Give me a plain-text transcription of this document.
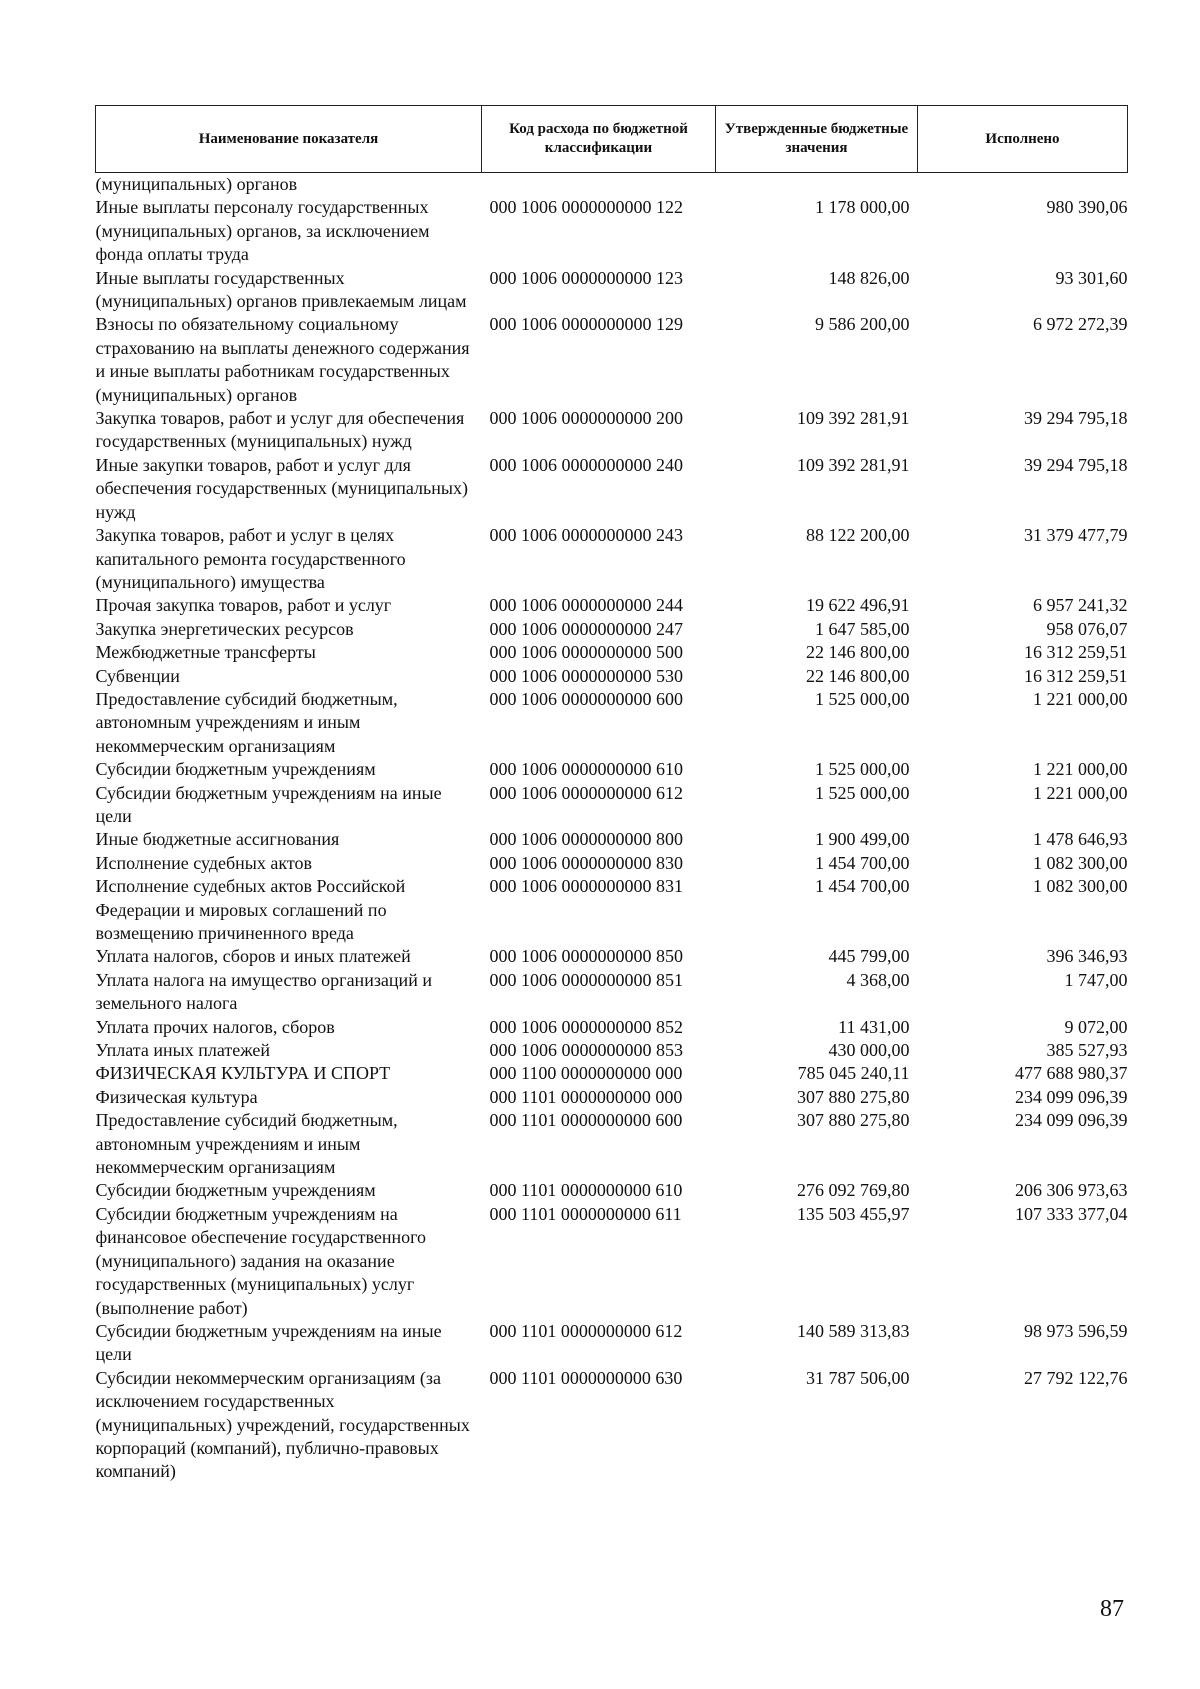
Наименование показателя	Код расхода по бюджетной классификации	Утвержденные бюджетные значения	Исполнено
(муниципальных) органов			
Иные выплаты персоналу государственных (муниципальных) органов, за исключением фонда оплаты труда	000 1006 0000000000 122	1 178 000,00	980 390,06
Иные выплаты государственных (муниципальных) органов привлекаемым лицам	000 1006 0000000000 123	148 826,00	93 301,60
Взносы по обязательному социальному страхованию на выплаты денежного содержания и иные выплаты работникам государственных (муниципальных) органов	000 1006 0000000000 129	9 586 200,00	6 972 272,39
Закупка товаров, работ и услуг для обеспечения государственных (муниципальных) нужд	000 1006 0000000000 200	109 392 281,91	39 294 795,18
Иные закупки товаров, работ и услуг для обеспечения государственных (муниципальных) нужд	000 1006 0000000000 240	109 392 281,91	39 294 795,18
Закупка товаров, работ и услуг в целях капитального ремонта государственного (муниципального) имущества	000 1006 0000000000 243	88 122 200,00	31 379 477,79
Прочая закупка товаров, работ и услуг	000 1006 0000000000 244	19 622 496,91	6 957 241,32
Закупка энергетических ресурсов	000 1006 0000000000 247	1 647 585,00	958 076,07
Межбюджетные трансферты	000 1006 0000000000 500	22 146 800,00	16 312 259,51
Субвенции	000 1006 0000000000 530	22 146 800,00	16 312 259,51
Предоставление субсидий бюджетным, автономным учреждениям и иным некоммерческим организациям	000 1006 0000000000 600	1 525 000,00	1 221 000,00
Субсидии бюджетным учреждениям	000 1006 0000000000 610	1 525 000,00	1 221 000,00
Субсидии бюджетным учреждениям на иные цели	000 1006 0000000000 612	1 525 000,00	1 221 000,00
Иные бюджетные ассигнования	000 1006 0000000000 800	1 900 499,00	1 478 646,93
Исполнение судебных актов	000 1006 0000000000 830	1 454 700,00	1 082 300,00
Исполнение судебных актов Российской Федерации и мировых соглашений по возмещению причиненного вреда	000 1006 0000000000 831	1 454 700,00	1 082 300,00
Уплата налогов, сборов и иных платежей	000 1006 0000000000 850	445 799,00	396 346,93
Уплата налога на имущество организаций и земельного налога	000 1006 0000000000 851	4 368,00	1 747,00
Уплата прочих налогов, сборов	000 1006 0000000000 852	11 431,00	9 072,00
Уплата иных платежей	000 1006 0000000000 853	430 000,00	385 527,93
ФИЗИЧЕСКАЯ КУЛЬТУРА И СПОРТ	000 1100 0000000000 000	785 045 240,11	477 688 980,37
Физическая культура	000 1101 0000000000 000	307 880 275,80	234 099 096,39
Предоставление субсидий бюджетным, автономным учреждениям и иным некоммерческим организациям	000 1101 0000000000 600	307 880 275,80	234 099 096,39
Субсидии бюджетным учреждениям	000 1101 0000000000 610	276 092 769,80	206 306 973,63
Субсидии бюджетным учреждениям на финансовое обеспечение государственного (муниципального) задания на оказание государственных (муниципальных) услуг (выполнение работ)	000 1101 0000000000 611	135 503 455,97	107 333 377,04
Субсидии бюджетным учреждениям на иные цели	000 1101 0000000000 612	140 589 313,83	98 973 596,59
Субсидии некоммерческим организациям (за исключением государственных (муниципальных) учреждений, государственных корпораций (компаний), публично-правовых компаний)	000 1101 0000000000 630	31 787 506,00	27 792 122,76
87
